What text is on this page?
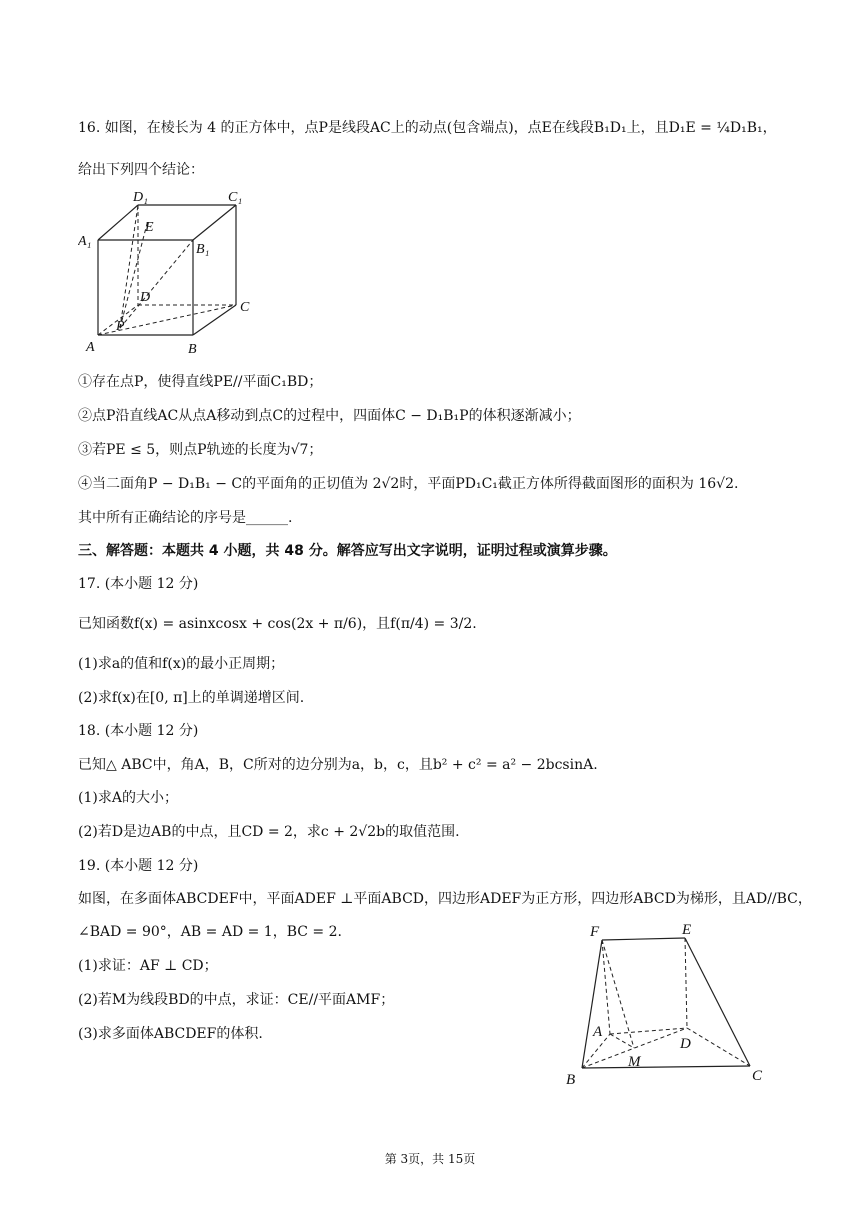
16. 如图，在棱长为 4 的正方体中，点P是线段AC上的动点(包含端点)，点E在线段B₁D₁上，且D₁E = ¼D₁B₁，
给出下列四个结论：
D₁	C₁
A₁
B₁
E
D
C
P
A	B
①存在点P，使得直线PE//平面C₁BD；
②点P沿直线AC从点A移动到点C的过程中，四面体C − D₁B₁P的体积逐渐减小；
③若PE ≤ 5，则点P轨迹的长度为√7；
④当二面角P − D₁B₁ − C的平面角的正切值为 2√2时，平面PD₁C₁截正方体所得截面图形的面积为 16√2.
其中所有正确结论的序号是______.
三、解答题：本题共 4 小题，共 48 分。解答应写出文字说明，证明过程或演算步骤。
17. (本小题 12 分)
已知函数f(x) = asinxcosx + cos(2x + π/6)，且f(π/4) = 3/2.
(1)求a的值和f(x)的最小正周期；
(2)求f(x)在[0, π]上的单调递增区间.
18. (本小题 12 分)
已知△ ABC中，角A，B，C所对的边分别为a，b，c，且b² + c² = a² − 2bcsinA.
(1)求A的大小；
(2)若D是边AB的中点，且CD = 2，求c + 2√2b的取值范围.
19. (本小题 12 分)
如图，在多面体ABCDEF中，平面ADEF ⊥平面ABCD，四边形ADEF为正方形，四边形ABCD为梯形，且AD//BC，
∠BAD = 90°，AB = AD = 1，BC = 2.
(1)求证：AF ⊥ CD；
(2)若M为线段BD的中点，求证：CE//平面AMF；
(3)求多面体ABCDEF的体积.
F	E
A
D
M
B	C
第 3页，共 15页
